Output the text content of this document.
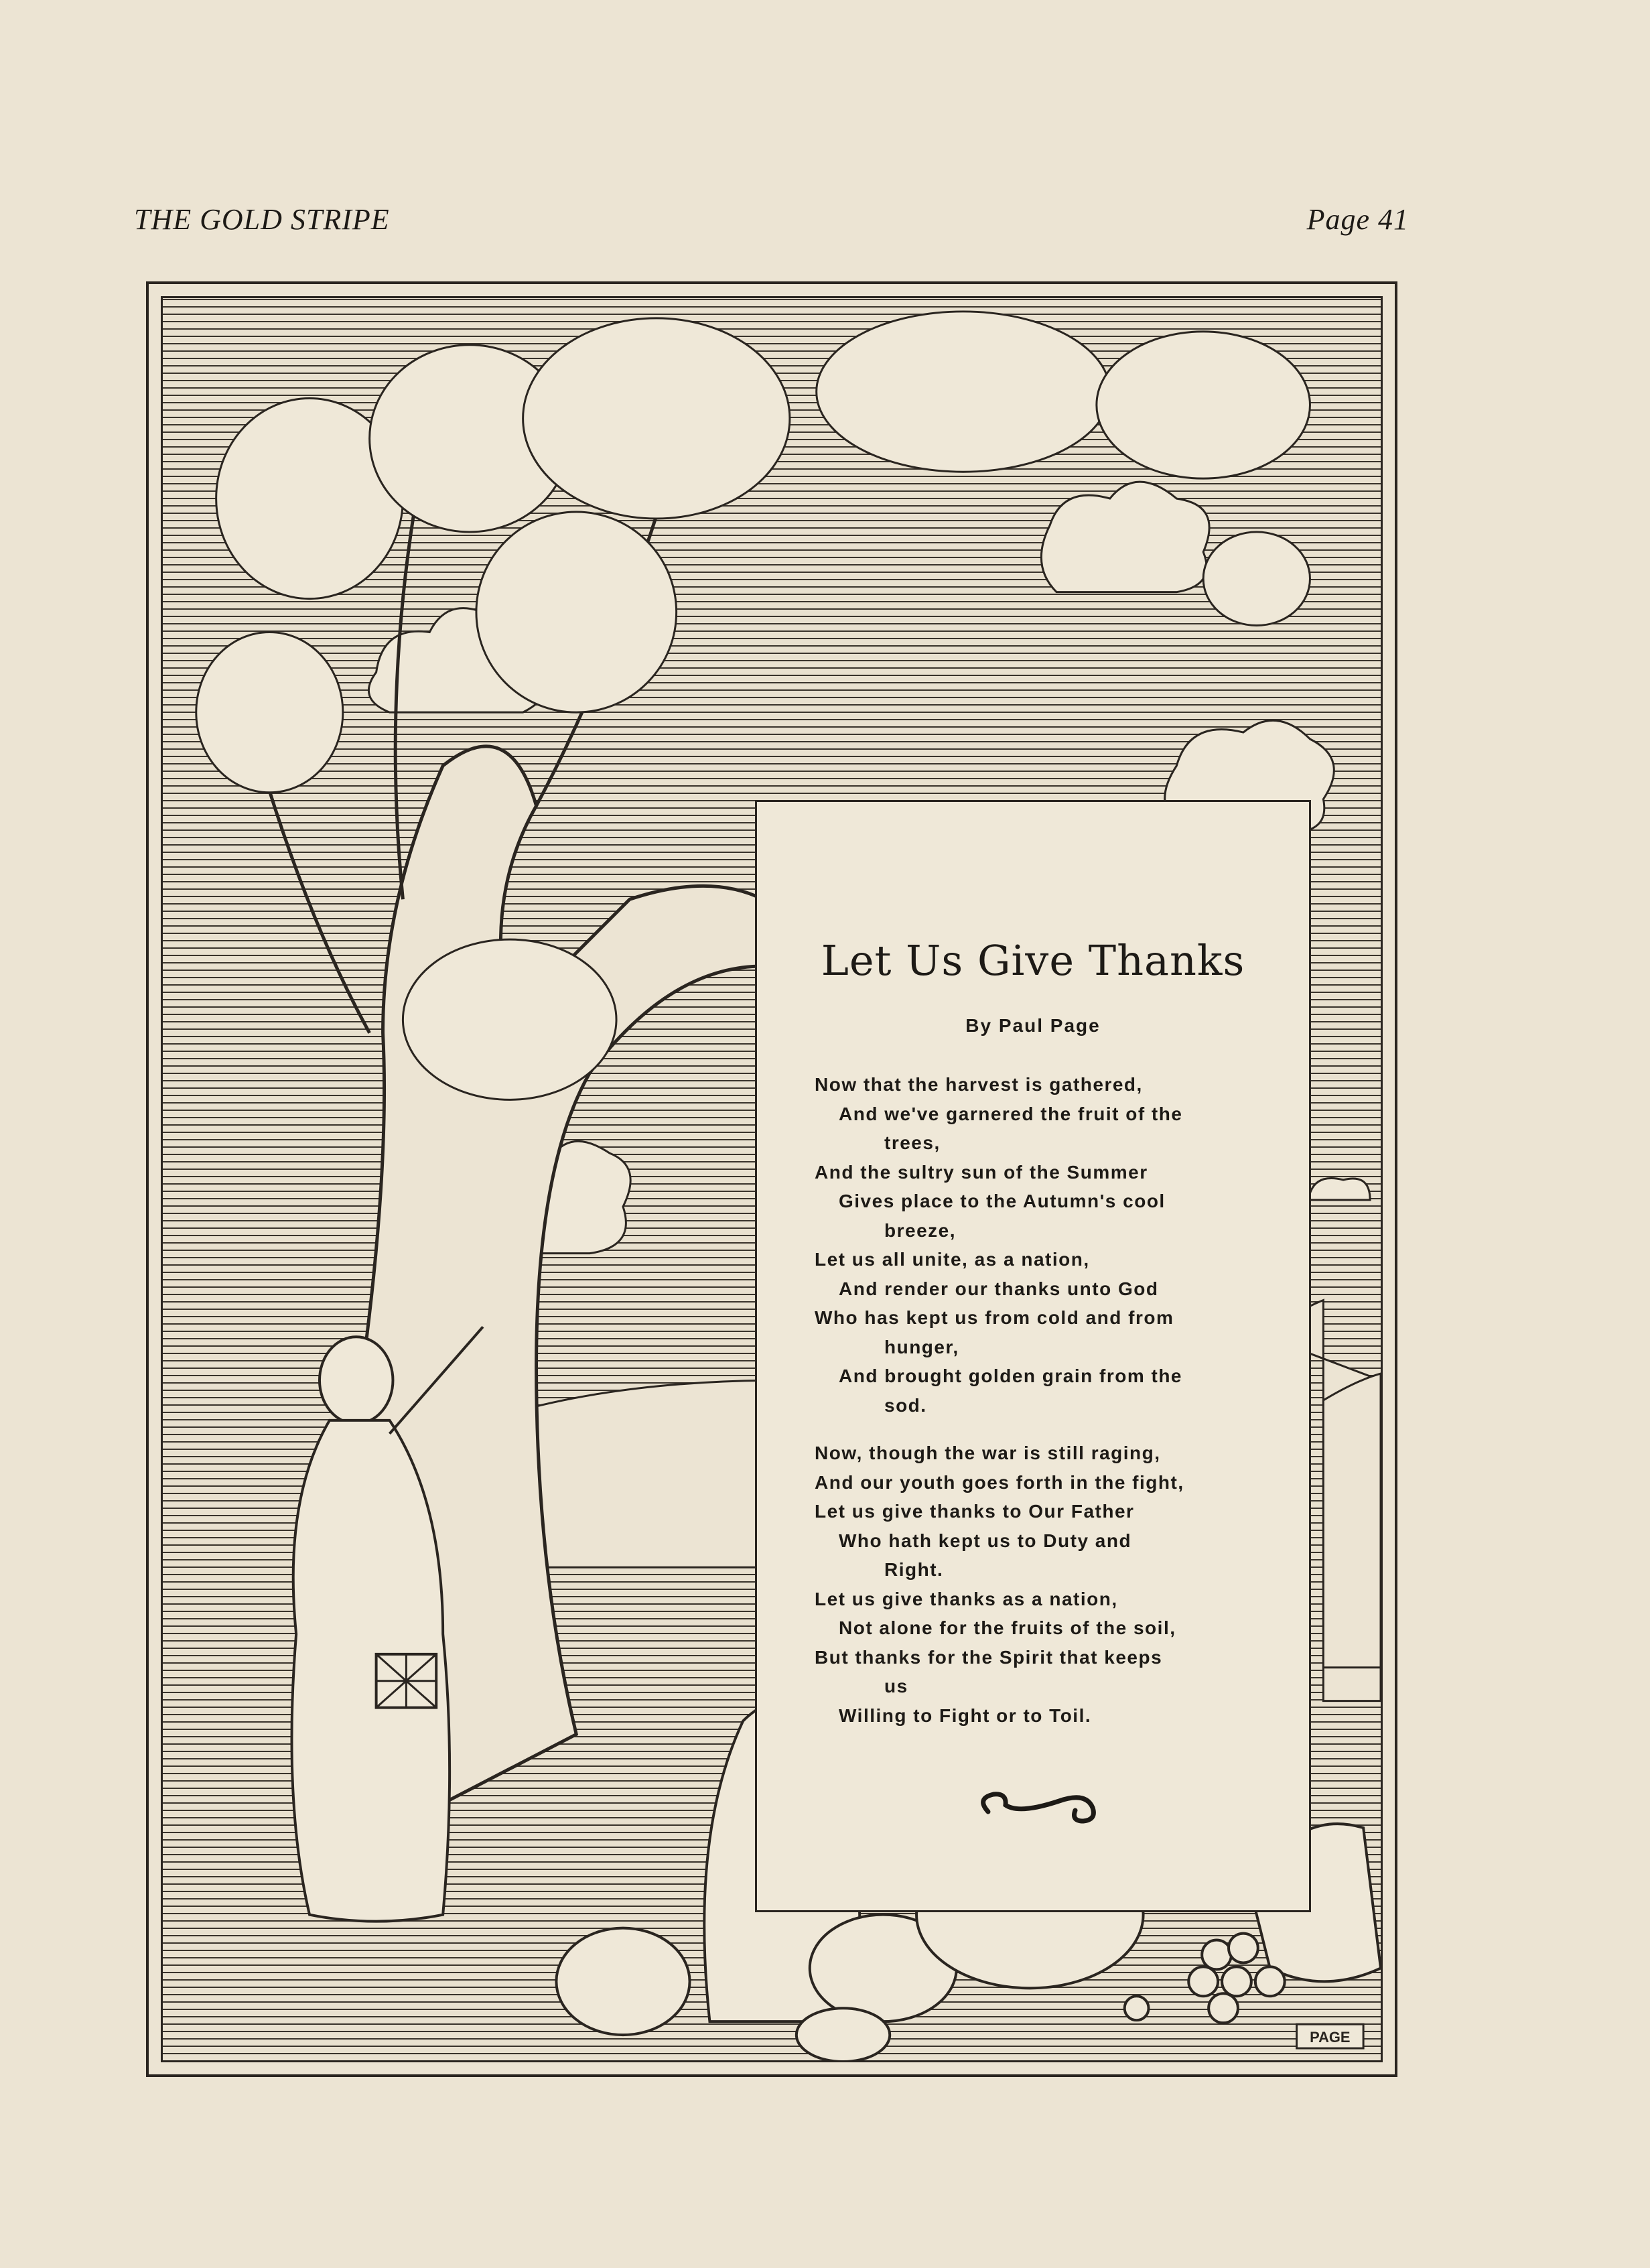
THE GOLD STRIPE	Page 41
PAGE
Let Us Give Thanks
By Paul Page
Now that the harvest is gathered,
And we've garnered the fruit of the
trees,
And the sultry sun of the Summer
Gives place to the Autumn's cool
breeze,
Let us all unite, as a nation,
And render our thanks unto God
Who has kept us from cold and from
hunger,
And brought golden grain from the
sod.
Now, though the war is still raging,
And our youth goes forth in the fight,
Let us give thanks to Our Father
Who hath kept us to Duty and
Right.
Let us give thanks as a nation,
Not alone for the fruits of the soil,
But thanks for the Spirit that keeps
us
Willing to Fight or to Toil.
